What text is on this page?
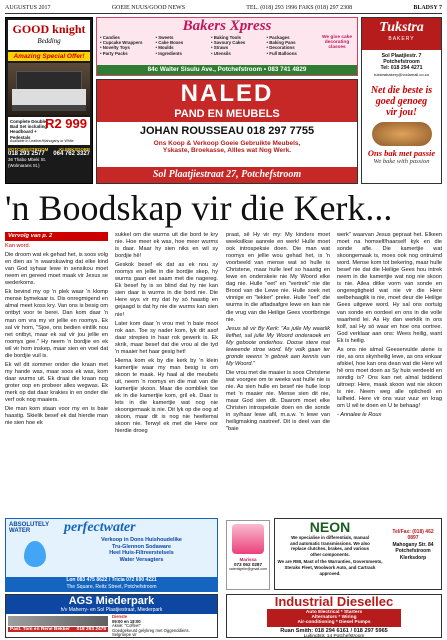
AUGUSTUS 2017	GOEIE NUUS/GOOD NEWS	TEL. (018) 293 1996 FAKS (018) 297 2308	BLADSY 7
GOOD knight
Bedding
Amazing Special Offer!
Complete Double Bad Set including Headboard + Pedestals
R2 999
Available in Leather/Mahogany or White
POTCHEFSTROOM
018 293 2577
36 Thabo Mbeki St. (Wolmarans St.)
KLERKSDORP
064 762 3327
Bakers Xpress
• Candies	• Sweets	• Baking Tools	• Packages
• Cupcake Wrappers	• Cake Boxes	• Savoury Cakes	• Baking Pans
• Novelty Toys	• Moulds	• Straws	• Decorations
• Party Packs	• Ingredients	• Utensils	• Full Balloons
We give cake decorating classes
84c Walter Sisulu Ave., Potchefstroom • 083 741 4829
Tukstra
BAKERY
Sol Plaatjiestr. 7
Potchefstroom
Tel: 018 294 4271
tukstrabakery@vodamail.co.za
Net die beste is
goed genoeg
vir jou!
Ons bak met passie
We bake with passion
NALED
PAND EN MEUBELS
JOHAN ROUSSEAU 018 297 7755
Ons Koop & Verkoop Goeie Gebruikte Meubels,
Yskaste, Broekasse, Allles wat Nog Werk.
Sol Plaatjiestraat 27, Potchefstroom
'n Boodskap vir die Kerk...
Vervolg van p. 2

Kan word.

Die droom wat ek gehad het, is soos volg en dien as 'n waarskuwing dat elke kind van God syhaar lewe in sensikou moet neem en gereed moet maak vir Jesus se wederkoms.

Ek bevind my op 'n plek waar 'n klomp mense bymekaar is. Dis onregmigend en almal meet koss kry. Van ons is besig om ontbyt voor te berei. Dan kom daar 'n man om vra my vir jellie en roomys. Ek sal vir hom, "Sjoe, ons bedien eintlik nou net ontbyt, maar ek sal vir jou jellie en roomys gee." Hy neem 'n bordjie en ek wil vir hom inskep, maar sien en voel dat die bordjie vuil is.

Ek wil dit sommer onder die kraan met my hande was, maar soos ek was, kom daar wurms uit. Ek draai die kraan nog groter oop en probeer alles wegwas. Ek merk op dat daar krakies in en onder die verf ook nog maaiers.

Die man kom staan voor my en is baie haastig. Skielik besef ek dat hierdie man nie sien hoe ek

sukkel om die wurms uit die bord te kry nie. Hoe meer ek was, hoe meer wurms is daar. Maar hy sien niks en wil sy bordjie hê!

Geskok besef ek dat as ek nou sy roomys en jellie in die bordjie skep, hy wurms gaan eet saam met die nagereg. Ek besef hy is so blind dat hy nie kan sien daar is wurms in die bord nie. Die Here wys vir my dat hy só haastig en gejaagd is dat hy nie die wurms kan sien nie!

Later kom daar 'n vrou met 'n baie mooi rok aan. Toe sy nader kom, lyk dit asof daar strepies in haar rok gewerk is. Ek skrik, maar besef dat die vrou al die tyd 'n maaier het haar gesig het!

Hierna kom ek by die kerk by 'n klein kamertjie waar my man besig is om skoon te maak. Hy haal al die meubels uit, neem 'n roomys en die mat van die kamertjie skoon. Maar die oombliek toe ek in die kamertjie kom, gril ek. Daar is lets in die kamertjie wat nog nie skoongemaak is nie. Dit lyk op die oog af skoon, maar dit is nog nie heeltemal skoon nie. Terwyl ek met die Here oor hierdie droeg

praat, sê Hy vir my: My kinders moet weeksilkse aanrele en werk! Hulle moet ook introspeksie doen. Die man wat roomys en jellie wou gehad het, is 'n voorbeeld van mense wat só hulle is Christene, maar hulle leef so haastig en lewe en onderskeie nie My Woord elke dag nie. Hulle "eet" en "vertrek" nie die Brood van die Lewe nie. Hulle soek net vinnige en "lekker" preke. Hulle "eet" die wurms in die aftadsafgre lewe en kan nie die vrug van die Heilige Gees voortbringe nie.

Jesus sê vir By Kerk: "As julle My waarlik liefhet, sal julle My Woord onderaoek en My gebooie onderhou. Doose stere mal leweende stroe word. My volk gaan ter gronde weens 'n gebrek aan kennis van My Woord."

Die vrou met die maaier is soos Christene wat voorgee om te weeks wat hulle nie is nie. As sien hulle en besef nie hulle loop met 'n maaier nie. Mense sien dit nie, maar God sien dit. Daarom moet elke Christen introspeksie doen en die sonde in sy/haar lewe afil, m.a.w. 'n lewe van heiligmaking nastreef. Dit is deel van die "baie

werk" waarvan Jesus gepraat het. Elkeen moet na homself/haarself kyk en die sonde afle. Die kamertjie wat skoongemaak is, moes ook nog ontruimd word. Mense kom tot bekering, maar hulle besef nie dat die Heilige Gees hou intrek neem in die kamertjie wat nog nie skoon is nie. Ailea ditke vorm van sonde en ongeregtigheid wat nie vir die Here welbehaaglik is nie, moet deur die Heilige Gees uitgewe word. Hy sal ons oortuig van sonde en oordeel en ons in die volle waarheid lei. As Hy dan werklik in ons kolf, sal Hy só waar en hoe ons oortree. God verklaar aan ons: Wees heilig, want Ek is heilig.

As ons nie almal Geeservulde alene is nie, as ons skynheilig lewe, as ons enkaar afskiel, hoe kan ons dean wat die Here wil hê ons moet doen as Sy huis verdeeld en sondig is? Ons kan net almal biddend uitroep: Here, maak skoon wat nie skoon is nie. Neem weg alle oplichedi en luilheid. Here vir ons vuur vuur en krag om U wil te doen en U te behaag!

- Annalee le Roux

ABSOLUTELY WATER	perfectwater
Verkoop in Dons Huishoudelike
Tru-Glennon Sodaware
Heel Huis-Filtreerstelsels
Water Versagters
Lon 083 475 8622 / Tricia 072 690 4221
The Square, Reitz Street, Potchefstroom
Marissa
073 062 0287
valentigelle@gmail.com
NEON
We specialise in differentials, manual
and automatic transmissions. We also
replace clutches, brakes, and various
other components.
We are RMI, Mast of the Warranties, Governments,
Steraks Fleet, Woolwork Auto, and Cartrack approved.
Tel/Fax: (018) 462 0897
Mahogany Str. 84 Potchefstroom
Klerksdorp
AGS Miederpark
h/v Maherry- en Sol Plaatjiestraat, Miederpark
Past. Tom en René Bekker 018 293 2475
Dienste
09:00 en 18:00
Aksië: "Coffee!"
Goedgekeurd gelykreg met Oggenddiens.
Selgroepe vir
Industrial Diesellec
Auto Electrical * Starters
Alternators * Wiring
Air-conditioning * Diesel Pumps
Ruan Smith: 018 294 6161 / 018 297 5965
Luitingtstr. 14 Potchefstroom
